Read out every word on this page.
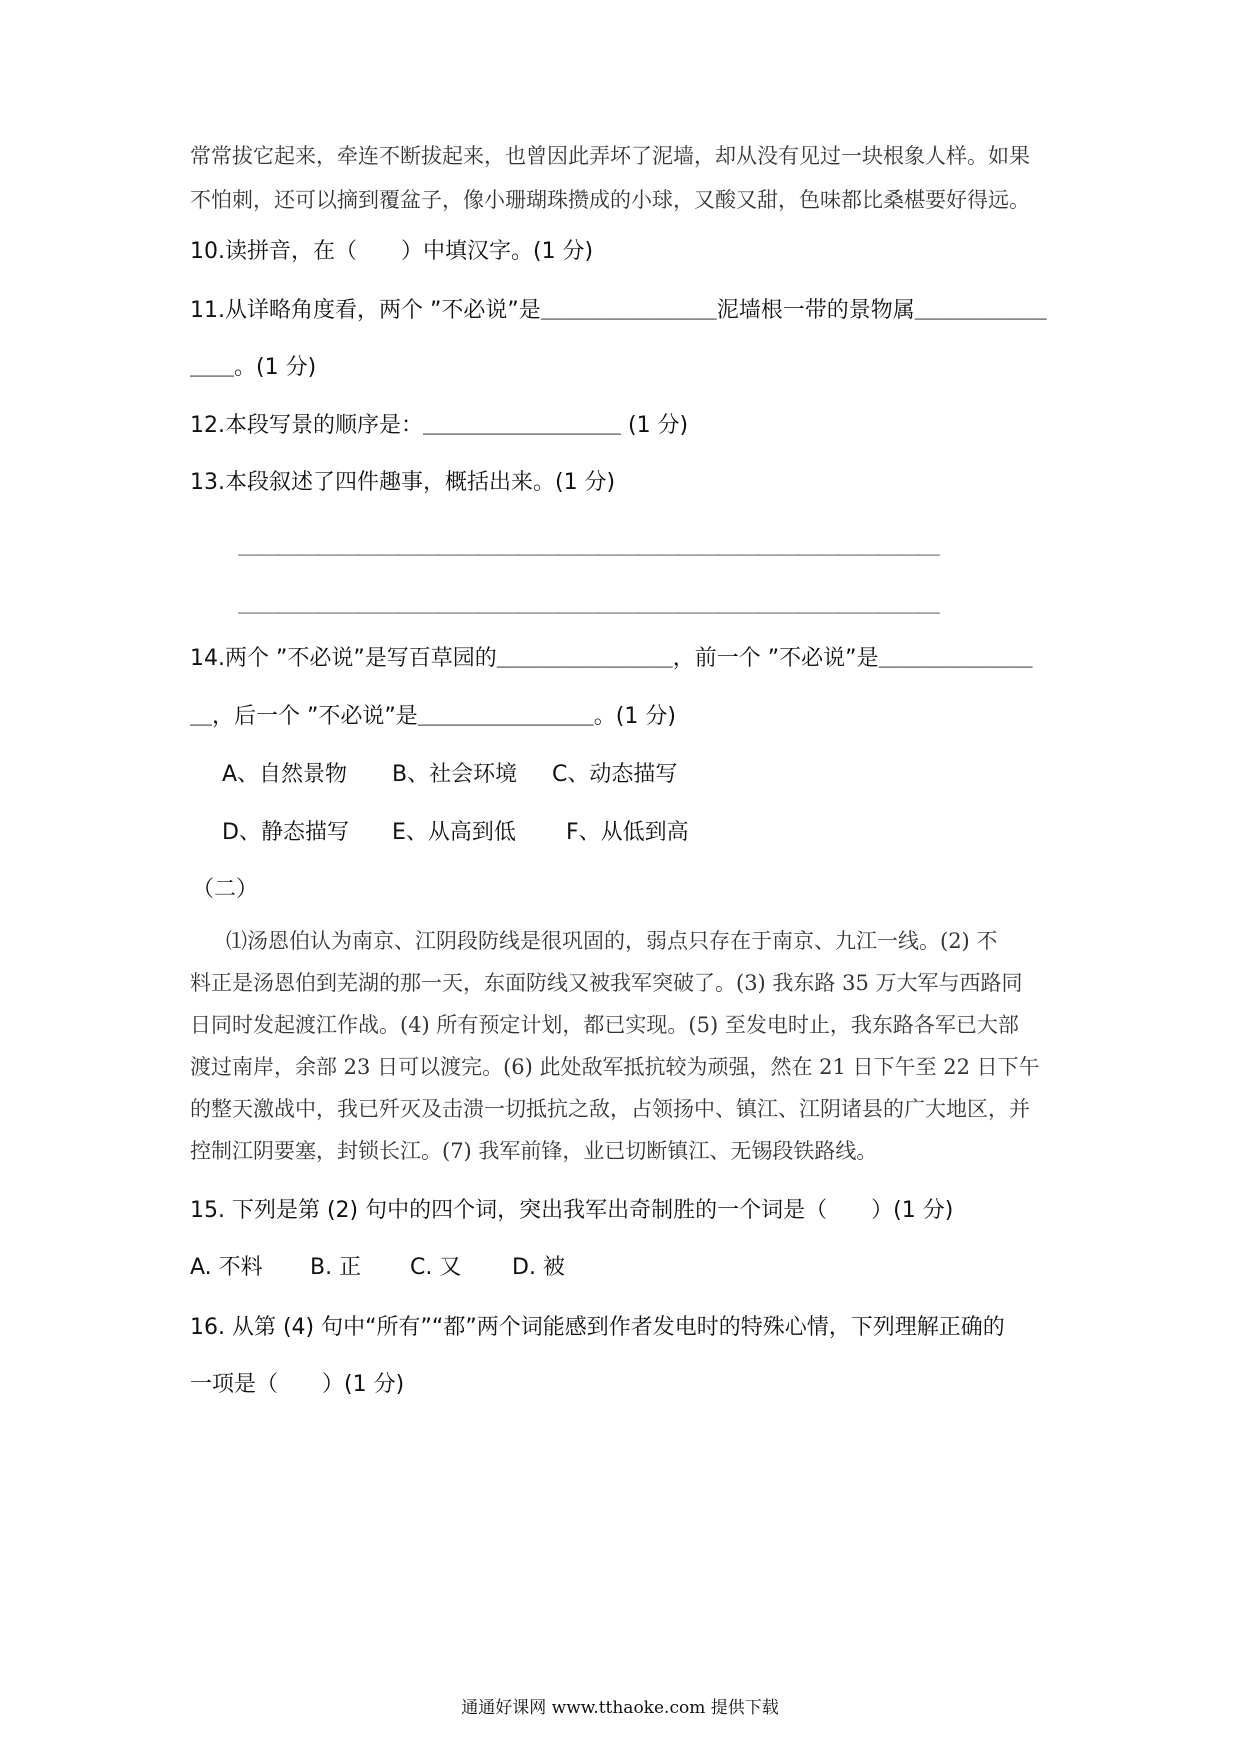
常常拔它起来，牵连不断拔起来，也曾因此弄坏了泥墙，却从没有见过一块根象人样。如果
不怕刺，还可以摘到覆盆子，像小珊瑚珠攒成的小球，又酸又甜，色味都比桑椹要好得远。
10.读拼音，在（　　）中填汉字。(1 分)
11.从详略角度看，两个 ”不必说”是＿＿＿＿＿＿＿＿泥墙根一带的景物属＿＿＿＿＿＿
＿＿。(1 分)
12.本段写景的顺序是：＿＿＿＿＿＿＿＿＿ (1 分)
13.本段叙述了四件趣事，概括出来。(1 分)
＿＿＿＿＿＿＿＿＿＿＿＿＿＿＿＿＿＿＿＿＿＿＿＿＿＿＿＿＿＿＿＿＿＿＿
＿＿＿＿＿＿＿＿＿＿＿＿＿＿＿＿＿＿＿＿＿＿＿＿＿＿＿＿＿＿＿＿＿＿＿
14.两个 ”不必说”是写百草园的＿＿＿＿＿＿＿＿，前一个 ”不必说”是＿＿＿＿＿＿＿
＿，后一个 ”不必说”是＿＿＿＿＿＿＿＿。(1 分)
A、自然景物 B、社会环境 C、动态描写
D、静态描写 E、从高到低 F、从低到高
（二）
⑴汤恩伯认为南京、江阴段防线是很巩固的，弱点只存在于南京、九江一线。(2) 不
料正是汤恩伯到芜湖的那一天，东面防线又被我军突破了。(3) 我东路 35 万大军与西路同
日同时发起渡江作战。(4) 所有预定计划，都已实现。(5) 至发电时止，我东路各军已大部
渡过南岸，余部 23 日可以渡完。(6) 此处敌军抵抗较为顽强，然在 21 日下午至 22 日下午
的整天激战中，我已歼灭及击溃一切抵抗之敌，占领扬中、镇江、江阴诸县的广大地区，并
控制江阴要塞，封锁长江。(7) 我军前锋，业已切断镇江、无锡段铁路线。
15. 下列是第 (2) 句中的四个词，突出我军出奇制胜的一个词是（　　）(1 分)
A. 不料 B. 正 C. 又 D. 被
16. 从第 (4) 句中“所有”“都”两个词能感到作者发电时的特殊心情，下列理解正确的
一项是（　　）(1 分)
通通好课网 www.tthaoke.com 提供下载
